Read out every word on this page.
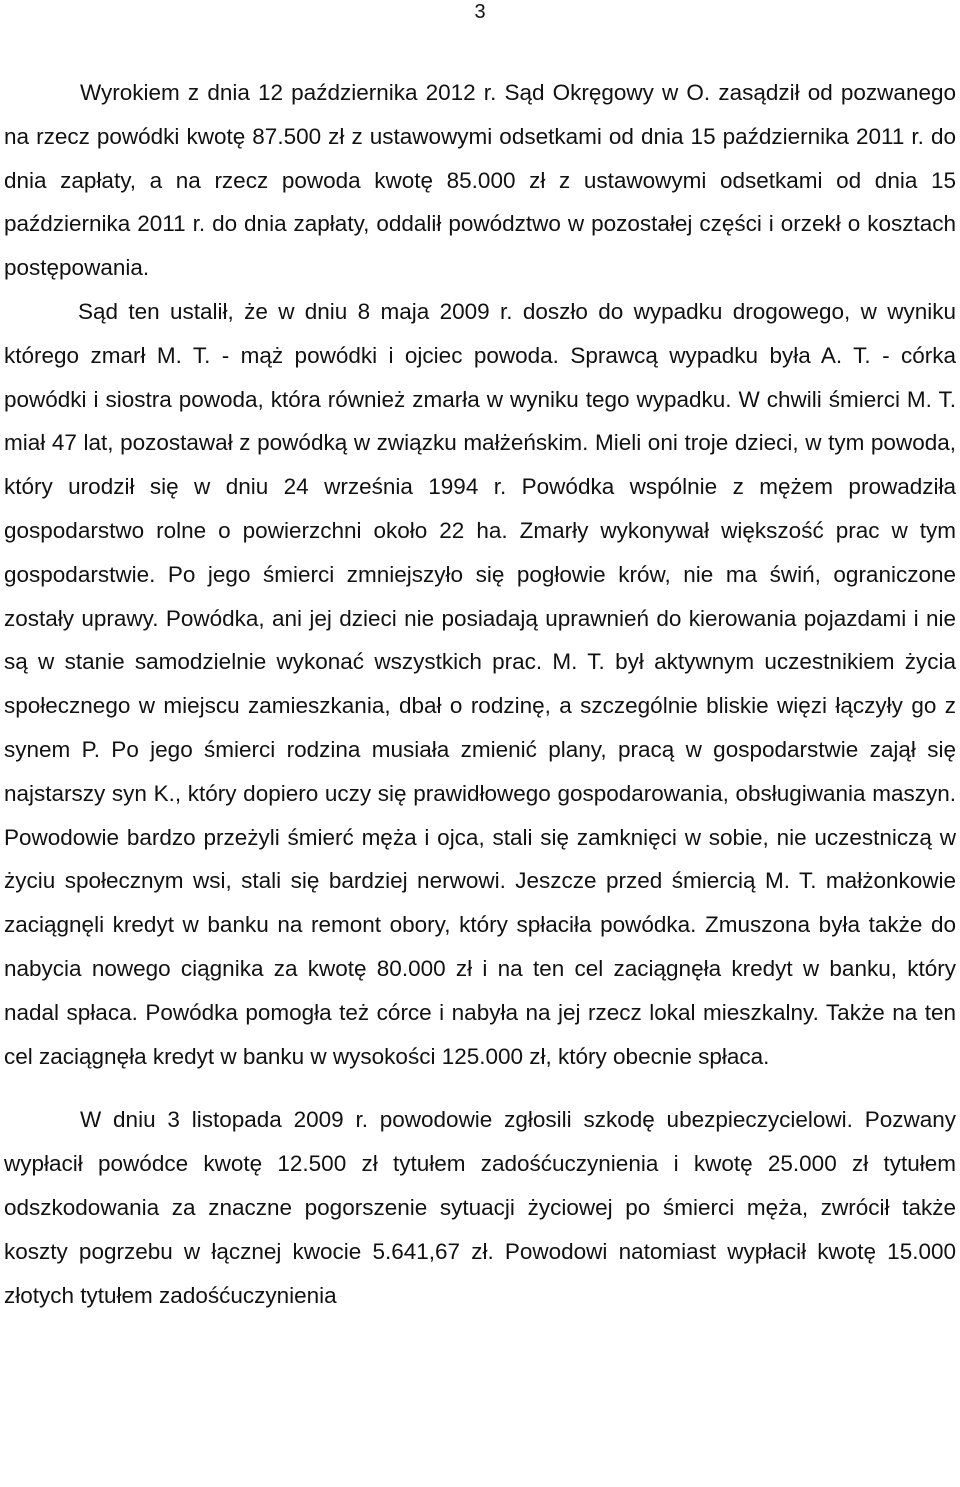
3

Wyrokiem z dnia 12 października 2012 r. Sąd Okręgowy w O. zasądził od pozwanego na rzecz powódki kwotę 87.500 zł z ustawowymi odsetkami od dnia 15 października 2011 r. do dnia zapłaty, a na rzecz powoda kwotę 85.000 zł z ustawowymi odsetkami od dnia 15 października 2011 r. do dnia zapłaty, oddalił powództwo w pozostałej części i orzekł o kosztach postępowania.

Sąd ten ustalił, że w dniu 8 maja 2009 r. doszło do wypadku drogowego, w wyniku którego zmarł M. T. - mąż powódki i ojciec powoda. Sprawcą wypadku była A. T. - córka powódki i siostra powoda, która również zmarła w wyniku tego wypadku. W chwili śmierci M. T. miał 47 lat, pozostawał z powódką w związku małżeńskim. Mieli oni troje dzieci, w tym powoda, który urodził się w dniu 24 września 1994 r. Powódka wspólnie z mężem prowadziła gospodarstwo rolne o powierzchni około 22 ha. Zmarły wykonywał większość prac w tym gospodarstwie. Po jego śmierci zmniejszyło się pogłowie krów, nie ma świń, ograniczone zostały uprawy. Powódka, ani jej dzieci nie posiadają uprawnień do kierowania pojazdami i nie są w stanie samodzielnie wykonać wszystkich prac. M. T. był aktywnym uczestnikiem życia społecznego w miejscu zamieszkania, dbał o rodzinę, a szczególnie bliskie więzi łączyły go z synem P. Po jego śmierci rodzina musiała zmienić plany, pracą w gospodarstwie zajął się najstarszy syn K., który dopiero uczy się prawidłowego gospodarowania, obsługiwania maszyn. Powodowie bardzo przeżyli śmierć męża i ojca, stali się zamknięci w sobie, nie uczestniczą w życiu społecznym wsi, stali się bardziej nerwowi. Jeszcze przed śmiercią M. T. małżonkowie zaciągnęli kredyt w banku na remont obory, który spłaciła powódka. Zmuszona była także do nabycia nowego ciągnika za kwotę 80.000 zł i na ten cel zaciągnęła kredyt w banku, który nadal spłaca. Powódka pomogła też córce i nabyła na jej rzecz lokal mieszkalny. Także na ten cel zaciągnęła kredyt w banku w wysokości 125.000 zł, który obecnie spłaca.

W dniu 3 listopada 2009 r. powodowie zgłosili szkodę ubezpieczycielowi. Pozwany wypłacił powódce kwotę 12.500 zł tytułem zadośćuczynienia i kwotę 25.000 zł tytułem odszkodowania za znaczne pogorszenie sytuacji życiowej po śmierci męża, zwrócił także koszty pogrzebu w łącznej kwocie 5.641,67 zł. Powodowi natomiast wypłacił kwotę 15.000 złotych tytułem zadośćuczynienia
